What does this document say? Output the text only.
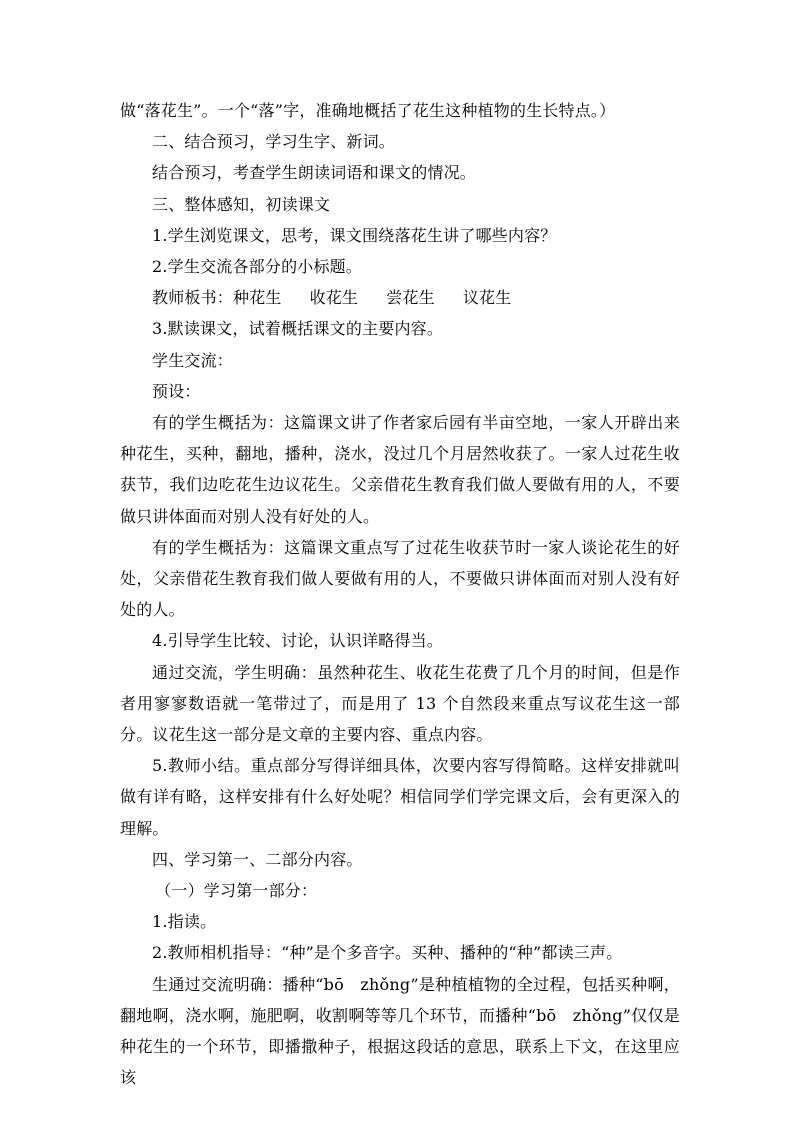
做“落花生”。一个“落”字，准确地概括了花生这种植物的生长特点。）

二、结合预习，学习生字、新词。

结合预习，考查学生朗读词语和课文的情况。

三、整体感知，初读课文

1.学生浏览课文，思考，课文围绕落花生讲了哪些内容？

2.学生交流各部分的小标题。

教师板书：种花生 收花生 尝花生 议花生

3.默读课文，试着概括课文的主要内容。

学生交流：

预设：

有的学生概括为：这篇课文讲了作者家后园有半亩空地，一家人开辟出来种花生，买种，翻地，播种，浇水，没过几个月居然收获了。一家人过花生收获节，我们边吃花生边议花生。父亲借花生教育我们做人要做有用的人，不要做只讲体面而对别人没有好处的人。

有的学生概括为：这篇课文重点写了过花生收获节时一家人谈论花生的好处，父亲借花生教育我们做人要做有用的人，不要做只讲体面而对别人没有好处的人。

4.引导学生比较、讨论，认识详略得当。

通过交流，学生明确：虽然种花生、收花生花费了几个月的时间，但是作者用寥寥数语就一笔带过了，而是用了 13 个自然段来重点写议花生这一部分。议花生这一部分是文章的主要内容、重点内容。

5.教师小结。重点部分写得详细具体，次要内容写得简略。这样安排就叫做有详有略，这样安排有什么好处呢？相信同学们学完课文后，会有更深入的理解。

四、学习第一、二部分内容。

（一）学习第一部分：

1.指读。

2.教师相机指导：“种”是个多音字。买种、播种的“种”都读三声。

生通过交流明确：播种“bō　zhǒng”是种植植物的全过程，包括买种啊，翻地啊，浇水啊，施肥啊，收割啊等等几个环节，而播种“bō　zhǒng”仅仅是种花生的一个环节，即播撒种子，根据这段话的意思，联系上下文，在这里应该
